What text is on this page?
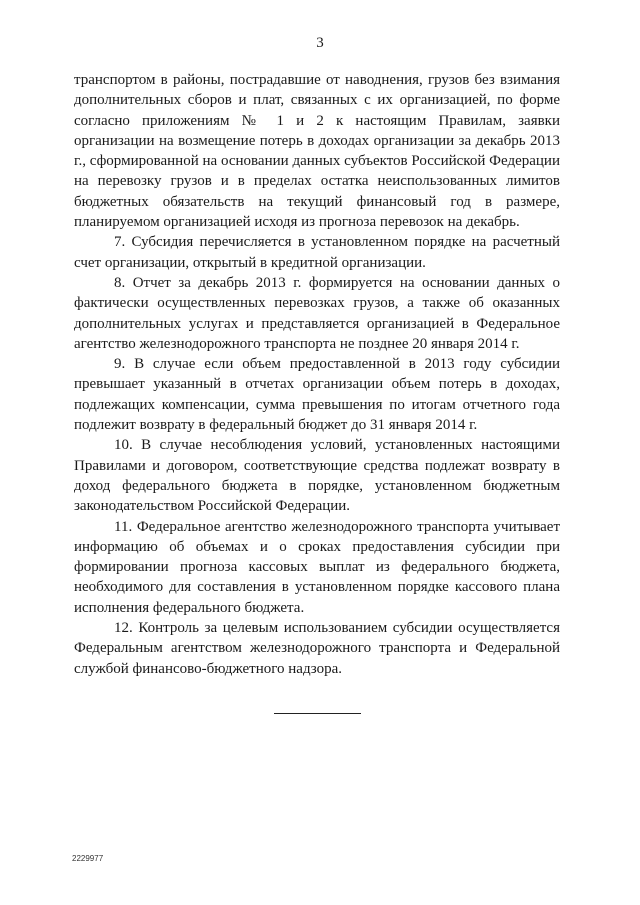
3

транспортом в районы, пострадавшие от наводнения, грузов без взимания дополнительных сборов и плат, связанных с их организацией, по форме согласно приложениям № 1 и 2 к настоящим Правилам, заявки организации на возмещение потерь в доходах организации за декабрь 2013 г., сформированной на основании данных субъектов Российской Федерации на перевозку грузов и в пределах остатка неиспользованных лимитов бюджетных обязательств на текущий финансовый год в размере, планируемом организацией исходя из прогноза перевозок на декабрь.

7. Субсидия перечисляется в установленном порядке на расчетный счет организации, открытый в кредитной организации.

8. Отчет за декабрь 2013 г. формируется на основании данных о фактически осуществленных перевозках грузов, а также об оказанных дополнительных услугах и представляется организацией в Федеральное агентство железнодорожного транспорта не позднее 20 января 2014 г.

9. В случае если объем предоставленной в 2013 году субсидии превышает указанный в отчетах организации объем потерь в доходах, подлежащих компенсации, сумма превышения по итогам отчетного года подлежит возврату в федеральный бюджет до 31 января 2014 г.

10. В случае несоблюдения условий, установленных настоящими Правилами и договором, соответствующие средства подлежат возврату в доход федерального бюджета в порядке, установленном бюджетным законодательством Российской Федерации.

11. Федеральное агентство железнодорожного транспорта учитывает информацию об объемах и о сроках предоставления субсидии при формировании прогноза кассовых выплат из федерального бюджета, необходимого для составления в установленном порядке кассового плана исполнения федерального бюджета.

12. Контроль за целевым использованием субсидии осуществляется Федеральным агентством железнодорожного транспорта и Федеральной службой финансово-бюджетного надзора.

2229977
